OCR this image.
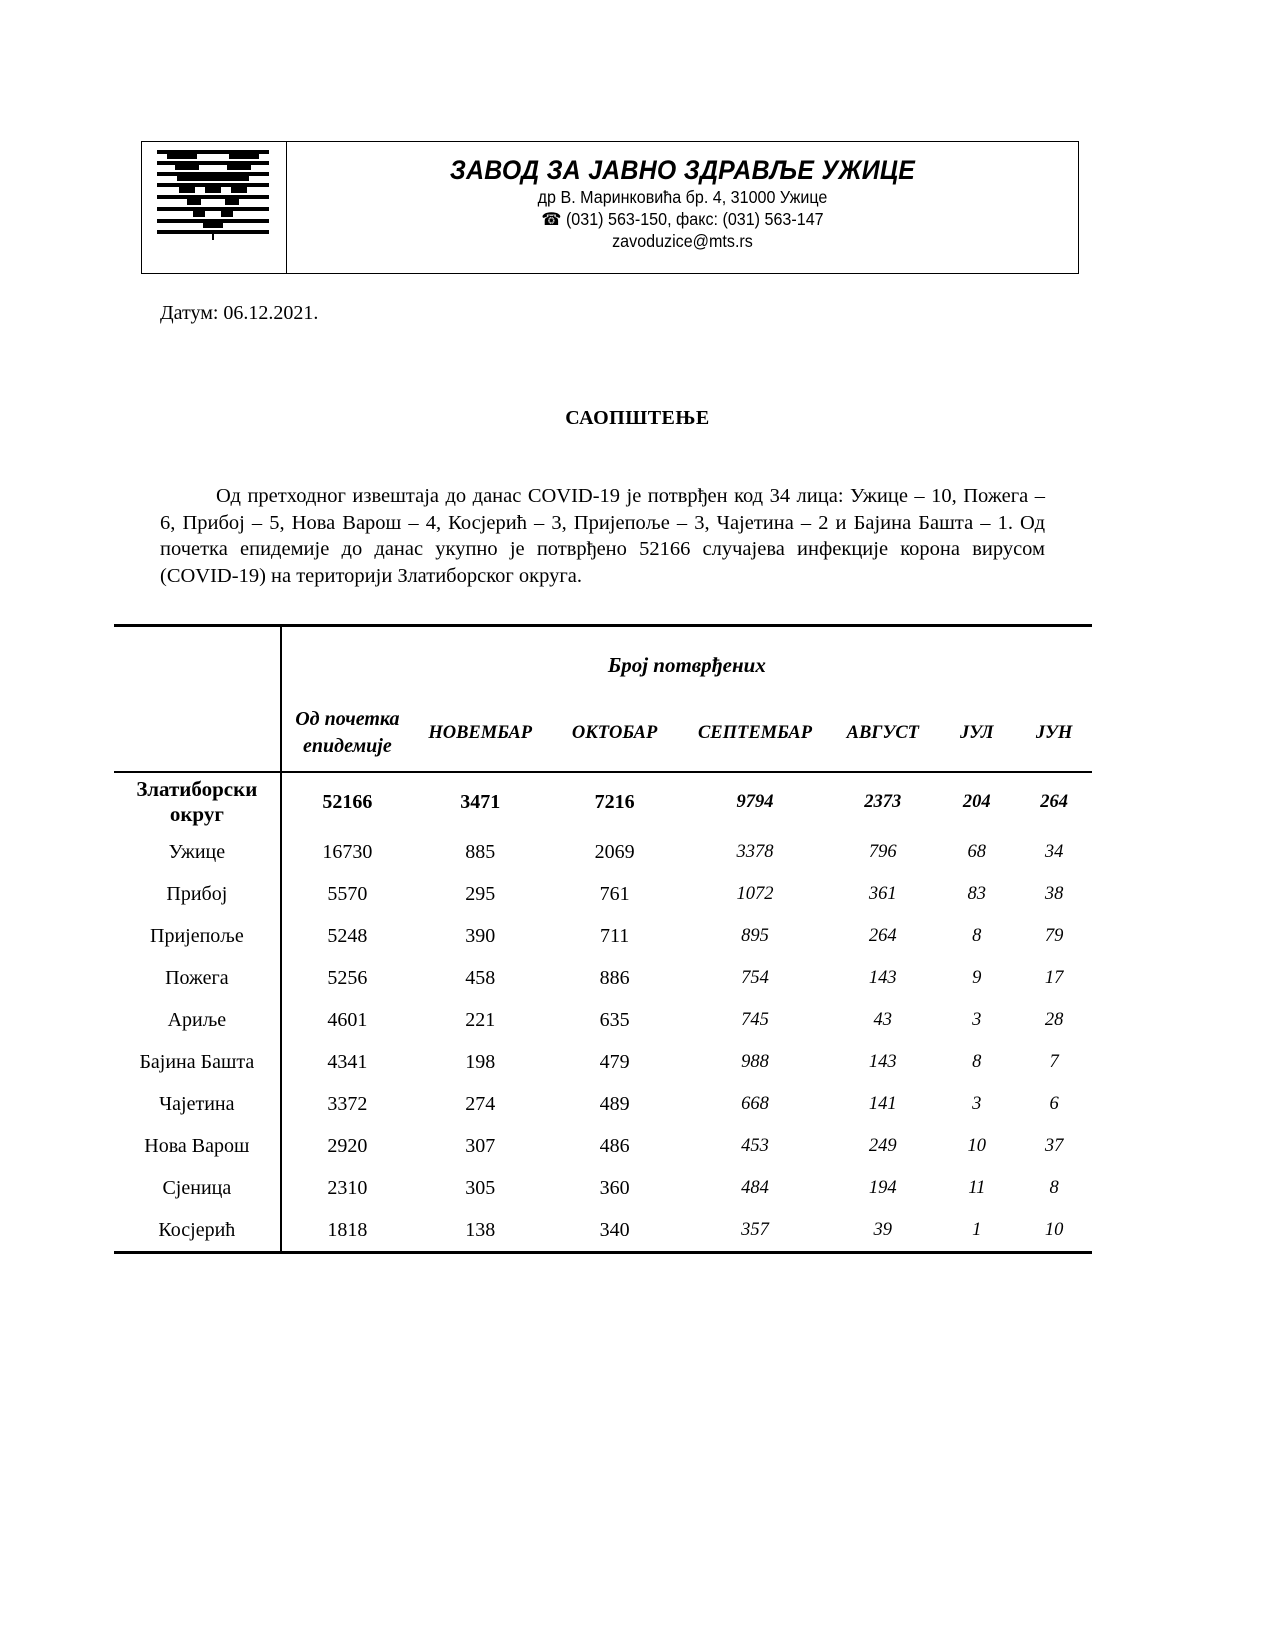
ЗАВОД ЗА ЈАВНО ЗДРАВЉЕ УЖИЦЕ
др В. Маринковића бр. 4, 31000 Ужице
☎ (031) 563-150, факс: (031) 563-147
zavoduzice@mts.rs
Датум: 06.12.2021.
САОПШТЕЊЕ
Од претходног извештаја до данас COVID-19 је потврђен код 34 лица: Ужице – 10, Пожега – 6, Прибој – 5, Нова Варош – 4, Косјерић – 3, Пријепоље – 3, Чајетина – 2 и Бајина Башта – 1. Од почетка епидемије до данас укупно је потврђено 52166 случајева инфекције корона вирусом (COVID-19) на територији Златиборског округа.
	Број потврђених						
	Од почетка епидемије	НОВЕМБАР	ОКТОБАР	СЕПТЕМБАР	АВГУСТ	ЈУЛ	ЈУН
Златиборски округ	52166	3471	7216	9794	2373	204	264
Ужице	16730	885	2069	3378	796	68	34
Прибој	5570	295	761	1072	361	83	38
Пријепоље	5248	390	711	895	264	8	79
Пожега	5256	458	886	754	143	9	17
Ариље	4601	221	635	745	43	3	28
Бајина Башта	4341	198	479	988	143	8	7
Чајетина	3372	274	489	668	141	3	6
Нова Варош	2920	307	486	453	249	10	37
Сјеница	2310	305	360	484	194	11	8
Косјерић	1818	138	340	357	39	1	10
